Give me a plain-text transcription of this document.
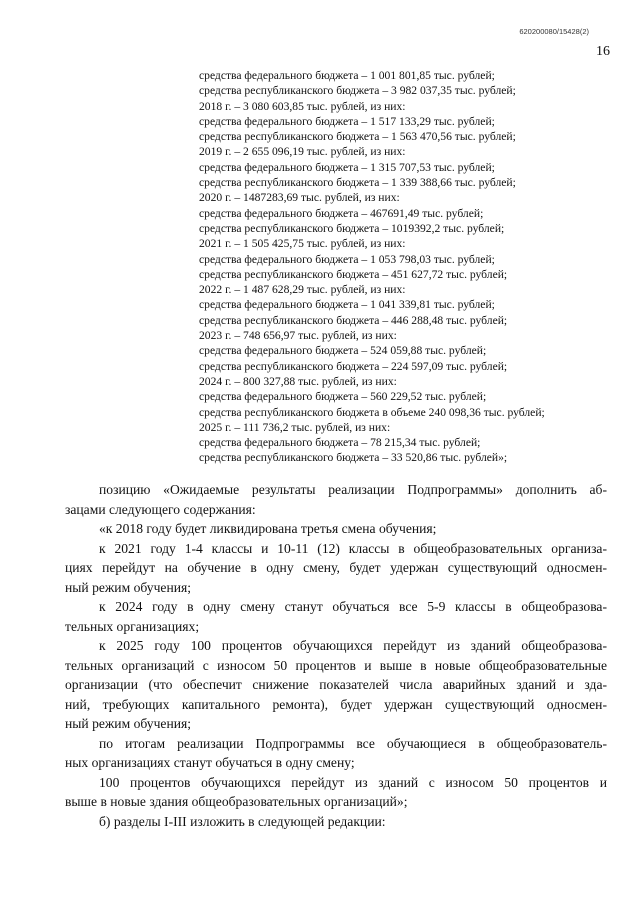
620200080/15428(2)
16
средства федерального бюджета – 1 001 801,85 тыс. рублей;
средства республиканского бюджета – 3 982 037,35 тыс. рублей;
2018 г. – 3 080 603,85 тыс. рублей, из них:
средства федерального бюджета – 1 517 133,29 тыс. рублей;
средства республиканского бюджета – 1 563 470,56 тыс. рублей;
2019 г. – 2 655 096,19 тыс. рублей, из них:
средства федерального бюджета – 1 315 707,53 тыс. рублей;
средства республиканского бюджета – 1 339 388,66 тыс. рублей;
2020 г. – 1487283,69 тыс. рублей, из них:
средства федерального бюджета – 467691,49 тыс. рублей;
средства республиканского бюджета – 1019392,2 тыс. рублей;
2021 г. – 1 505 425,75 тыс. рублей, из них:
средства федерального бюджета – 1 053 798,03 тыс. рублей;
средства республиканского бюджета – 451 627,72 тыс. рублей;
2022 г. – 1 487 628,29 тыс. рублей, из них:
средства федерального бюджета – 1 041 339,81 тыс. рублей;
средства республиканского бюджета – 446 288,48 тыс. рублей;
2023 г. – 748 656,97 тыс. рублей, из них:
средства федерального бюджета – 524 059,88 тыс. рублей;
средства республиканского бюджета – 224 597,09 тыс. рублей;
2024 г. – 800 327,88 тыс. рублей, из них:
средства федерального бюджета – 560 229,52 тыс. рублей;
средства республиканского бюджета в объеме 240 098,36 тыс. рублей;
2025 г. – 111 736,2 тыс. рублей, из них:
средства федерального бюджета – 78 215,34 тыс. рублей;
средства республиканского бюджета – 33 520,86 тыс. рублей»;
позицию «Ожидаемые результаты реализации Подпрограммы» дополнить аб-
зацами следующего содержания:
«к 2018 году будет ликвидирована третья смена обучения;
к 2021 году 1-4 классы и 10-11 (12) классы в общеобразовательных организа-
циях перейдут на обучение в одну смену, будет удержан существующий односмен-
ный режим обучения;
к 2024 году в одну смену станут обучаться все 5-9 классы в общеобразова-
тельных организациях;
к 2025 году 100 процентов обучающихся перейдут из зданий общеобразова-
тельных организаций с износом 50 процентов и выше в новые общеобразовательные
организации (что обеспечит снижение показателей числа аварийных зданий и зда-
ний, требующих капитального ремонта), будет удержан существующий односмен-
ный режим обучения;
по итогам реализации Подпрограммы все обучающиеся в общеобразователь-
ных организациях станут обучаться в одну смену;
100 процентов обучающихся перейдут из зданий с износом 50 процентов и
выше в новые здания общеобразовательных организаций»;
б) разделы I-III изложить в следующей редакции:
